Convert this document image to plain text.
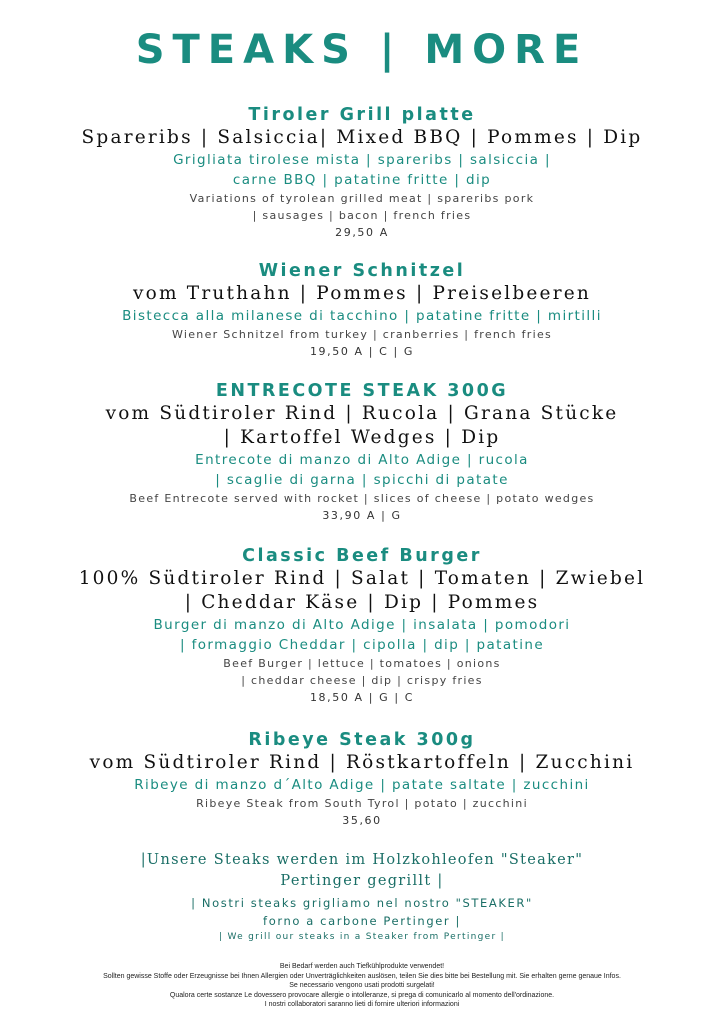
STEAKS | MORE

Tiroler Grill platte

Spareribs | Salsiccia| Mixed BBQ | Pommes | Dip

Grigliata tirolese mista | spareribs | salsiccia |

carne BBQ | patatine fritte | dip

Variations of tyrolean grilled meat | spareribs pork

| sausages | bacon | french fries

29,50 A

Wiener Schnitzel

vom Truthahn | Pommes | Preiselbeeren

Bistecca alla milanese di tacchino | patatine fritte | mirtilli

Wiener Schnitzel from turkey | cranberries | french fries

19,50 A | C | G

ENTRECOTE STEAK 300G

vom Südtiroler Rind | Rucola | Grana Stücke

| Kartoffel Wedges | Dip

Entrecote di manzo di Alto Adige | rucola

| scaglie di garna | spicchi di patate

Beef Entrecote served with rocket | slices of cheese | potato wedges

33,90 A | G

Classic Beef Burger

100% Südtiroler Rind | Salat | Tomaten | Zwiebel

| Cheddar Käse | Dip | Pommes

Burger di manzo di Alto Adige | insalata | pomodori

| formaggio Cheddar | cipolla | dip | patatine

Beef Burger | lettuce | tomatoes | onions

| cheddar cheese | dip | crispy fries

18,50 A | G | C

Ribeye Steak 300g

vom Südtiroler Rind | Röstkartoffeln | Zucchini

Ribeye di manzo d´Alto Adige | patate saltate | zucchini

Ribeye Steak from South Tyrol | potato | zucchini

35,60

|Unsere Steaks werden im Holzkohleofen "Steaker"

Pertinger gegrillt |

| Nostri steaks grigliamo nel nostro "STEAKER"

forno a carbone Pertinger |

| We grill our steaks in a Steaker from Pertinger |

Bei Bedarf werden auch Tiefkühlprodukte verwendet!

Sollten gewisse Stoffe oder Erzeugnisse bei Ihnen Allergien oder Unverträglichkeiten auslösen, teilen Sie dies bitte bei Bestellung mit. Sie erhalten gerne genaue Infos.

Se necessario vengono usati prodotti surgelati!

Qualora certe sostanze Le dovessero provocare allergie o intolleranze, si prega di comunicarlo al momento dell'ordinazione.

I nostri collaboratori saranno lieti di fornire ulteriori informazioni
